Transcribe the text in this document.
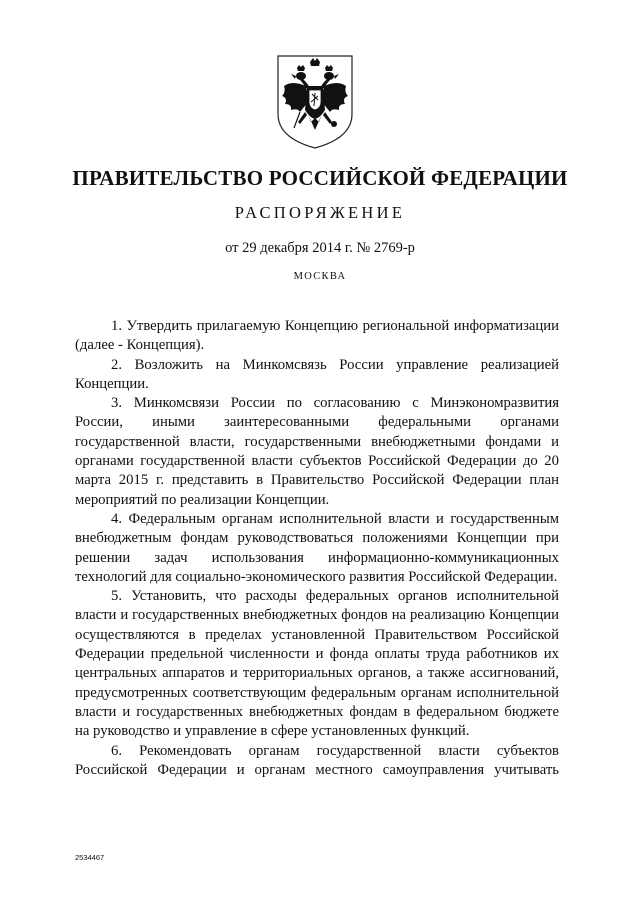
ПРАВИТЕЛЬСТВО РОССИЙСКОЙ ФЕДЕРАЦИИ
РАСПОРЯЖЕНИЕ
от 29 декабря 2014 г. № 2769-р
МОСКВА

1. Утвердить прилагаемую Концепцию региональной информатизации (далее - Концепция).

2. Возложить на Минкомсвязь России управление реализацией Концепции.

3. Минкомсвязи России по согласованию с Минэкономразвития России, иными заинтересованными федеральными органами государственной власти, государственными внебюджетными фондами и органами государственной власти субъектов Российской Федерации до 20 марта 2015 г. представить в Правительство Российской Федерации план мероприятий по реализации Концепции.

4. Федеральным органам исполнительной власти и государственным внебюджетным фондам руководствоваться положениями Концепции при решении задач использования информационно-коммуникационных технологий для социально-экономического развития Российской Федерации.

5. Установить, что расходы федеральных органов исполнительной власти и государственных внебюджетных фондов на реализацию Концепции осуществляются в пределах установленной Правительством Российской Федерации предельной численности и фонда оплаты труда работников их центральных аппаратов и территориальных органов, а также ассигнований, предусмотренных соответствующим федеральным органам исполнительной власти и государственных внебюджетных фондам в федеральном бюджете на руководство и управление в сфере установленных функций.

6. Рекомендовать органам государственной власти субъектов Российской Федерации и органам местного самоуправления учитывать

2534467
